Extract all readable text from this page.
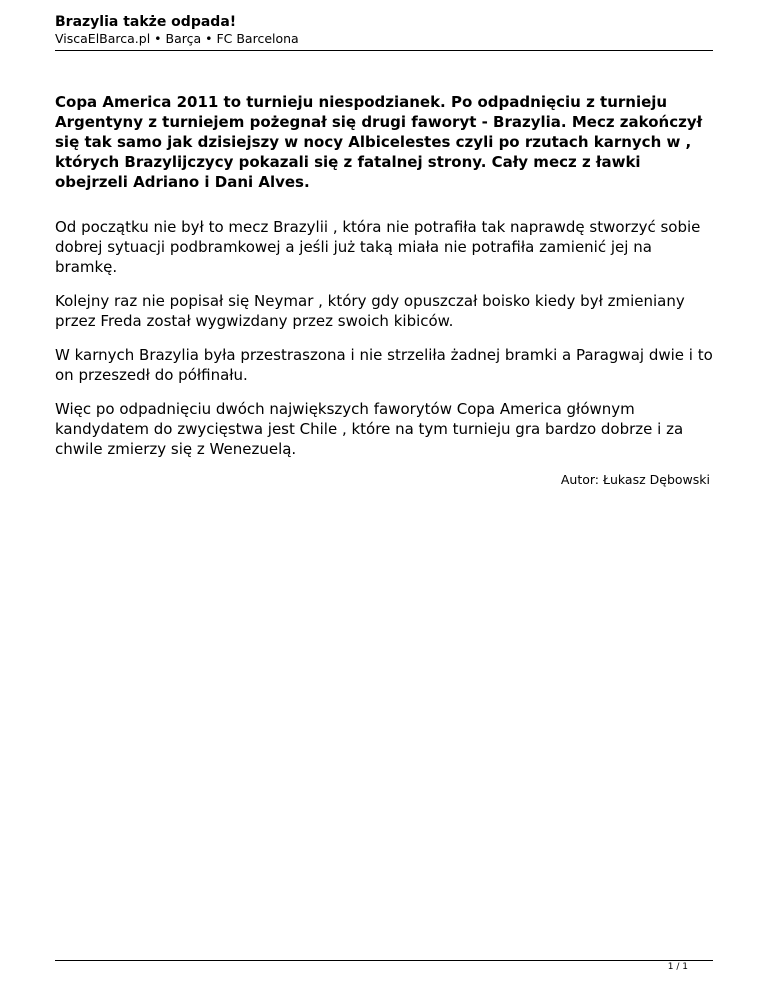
Brazylia także odpada!
ViscaElBarca.pl • Barça • FC Barcelona

Copa America 2011 to turnieju niespodzianek. Po odpadnięciu z turnieju Argentyny z turniejem pożegnał się drugi faworyt - Brazylia. Mecz zakończył się tak samo jak dzisiejszy w nocy Albicelestes czyli po rzutach karnych w , których Brazylijczycy pokazali się z fatalnej strony. Cały mecz z ławki obejrzeli Adriano i Dani Alves.

Od początku nie był to mecz Brazylii , która nie potrafiła tak naprawdę stworzyć sobie dobrej sytuacji podbramkowej a jeśli już taką miała nie potrafiła zamienić jej na bramkę.

Kolejny raz nie popisał się Neymar , który gdy opuszczał boisko kiedy był zmieniany przez Freda został wygwizdany przez swoich kibiców.

W karnych Brazylia była przestraszona i nie strzeliła żadnej bramki a Paragwaj dwie i to on przeszedł do półfinału.

Więc po odpadnięciu dwóch największych faworytów Copa America głównym kandydatem do zwycięstwa jest Chile , które na tym turnieju gra bardzo dobrze i za chwile zmierzy się z Wenezuelą.

Autor: Łukasz Dębowski
1 / 1
